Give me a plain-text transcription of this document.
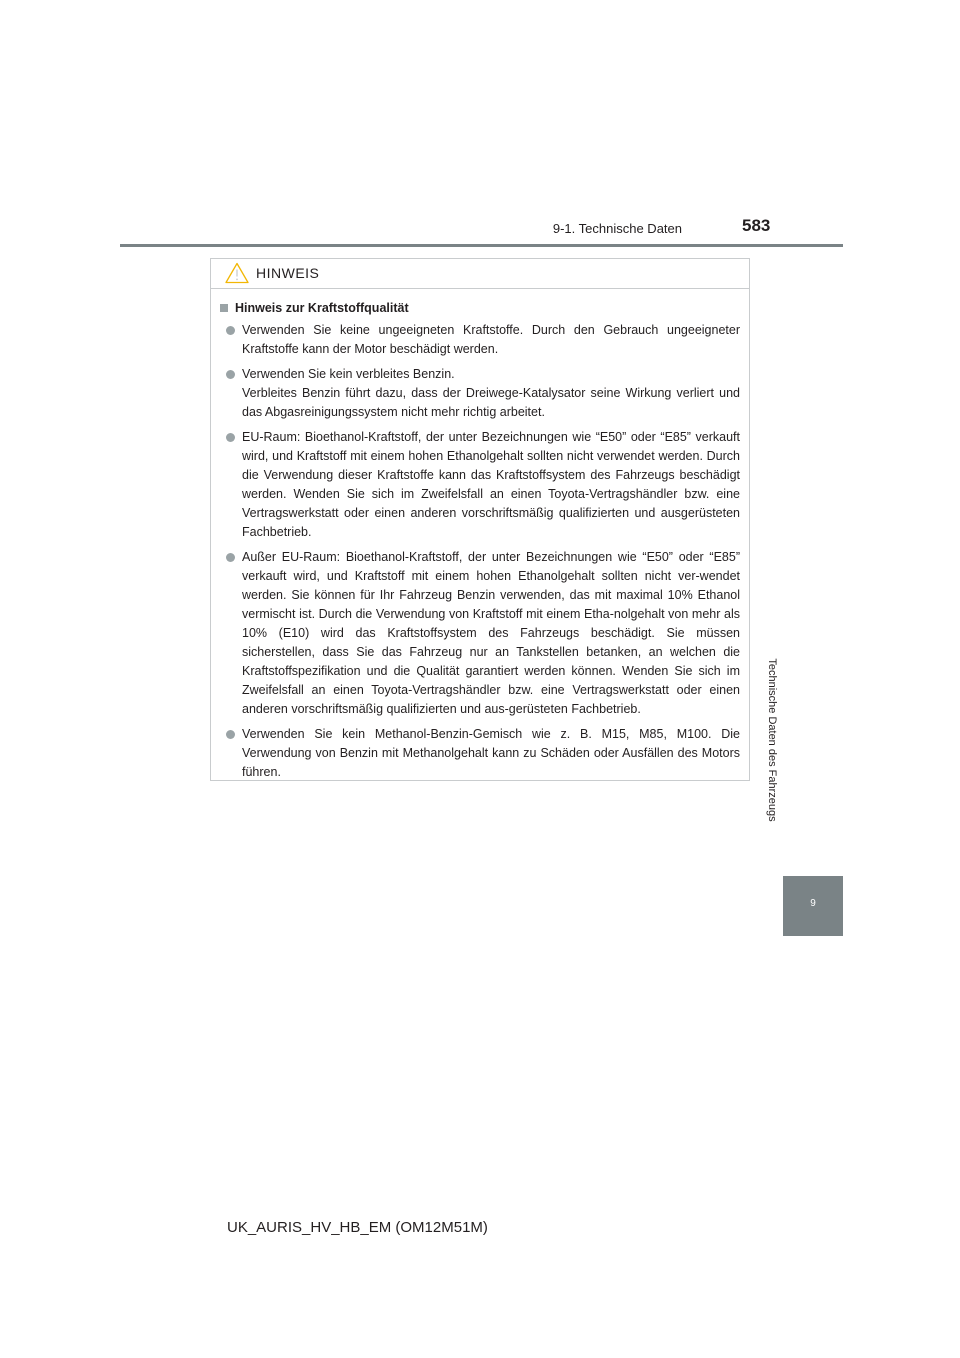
9-1. Technische Daten	583
Technische Daten des Fahrzeugs
9
HINWEIS
Hinweis zur Kraftstoffqualität
Verwenden Sie keine ungeeigneten Kraftstoffe. Durch den Gebrauch ungeeigneter Kraftstoffe kann der Motor beschädigt werden.
Verwenden Sie kein verbleites Benzin.
Verbleites Benzin führt dazu, dass der Dreiwege-Katalysator seine Wirkung verliert und das Abgasreinigungssystem nicht mehr richtig arbeitet.
EU-Raum: Bioethanol-Kraftstoff, der unter Bezeichnungen wie “E50” oder “E85” verkauft wird, und Kraftstoff mit einem hohen Ethanolgehalt sollten nicht verwendet werden. Durch die Verwendung dieser Kraftstoffe kann das Kraftstoffsystem des Fahrzeugs beschädigt werden. Wenden Sie sich im Zweifelsfall an einen Toyota-Vertragshändler bzw. eine Vertragswerkstatt oder einen anderen vorschriftsmäßig qualifizierten und ausgerüsteten Fachbetrieb.
Außer EU-Raum: Bioethanol-Kraftstoff, der unter Bezeichnungen wie “E50” oder “E85” verkauft wird, und Kraftstoff mit einem hohen Ethanolgehalt sollten nicht ver-wendet werden. Sie können für Ihr Fahrzeug Benzin verwenden, das mit maximal 10% Ethanol vermischt ist. Durch die Verwendung von Kraftstoff mit einem Etha-nolgehalt von mehr als 10% (E10) wird das Kraftstoffsystem des Fahrzeugs beschädigt. Sie müssen sicherstellen, dass Sie das Fahrzeug nur an Tankstellen betanken, an welchen die Kraftstoffspezifikation und die Qualität garantiert werden können. Wenden Sie sich im Zweifelsfall an einen Toyota-Vertragshändler bzw. eine Vertragswerkstatt oder einen anderen vorschriftsmäßig qualifizierten und aus-gerüsteten Fachbetrieb.
Verwenden Sie kein Methanol-Benzin-Gemisch wie z. B. M15, M85, M100. Die Verwendung von Benzin mit Methanolgehalt kann zu Schäden oder Ausfällen des Motors führen.
UK_AURIS_HV_HB_EM (OM12M51M)
